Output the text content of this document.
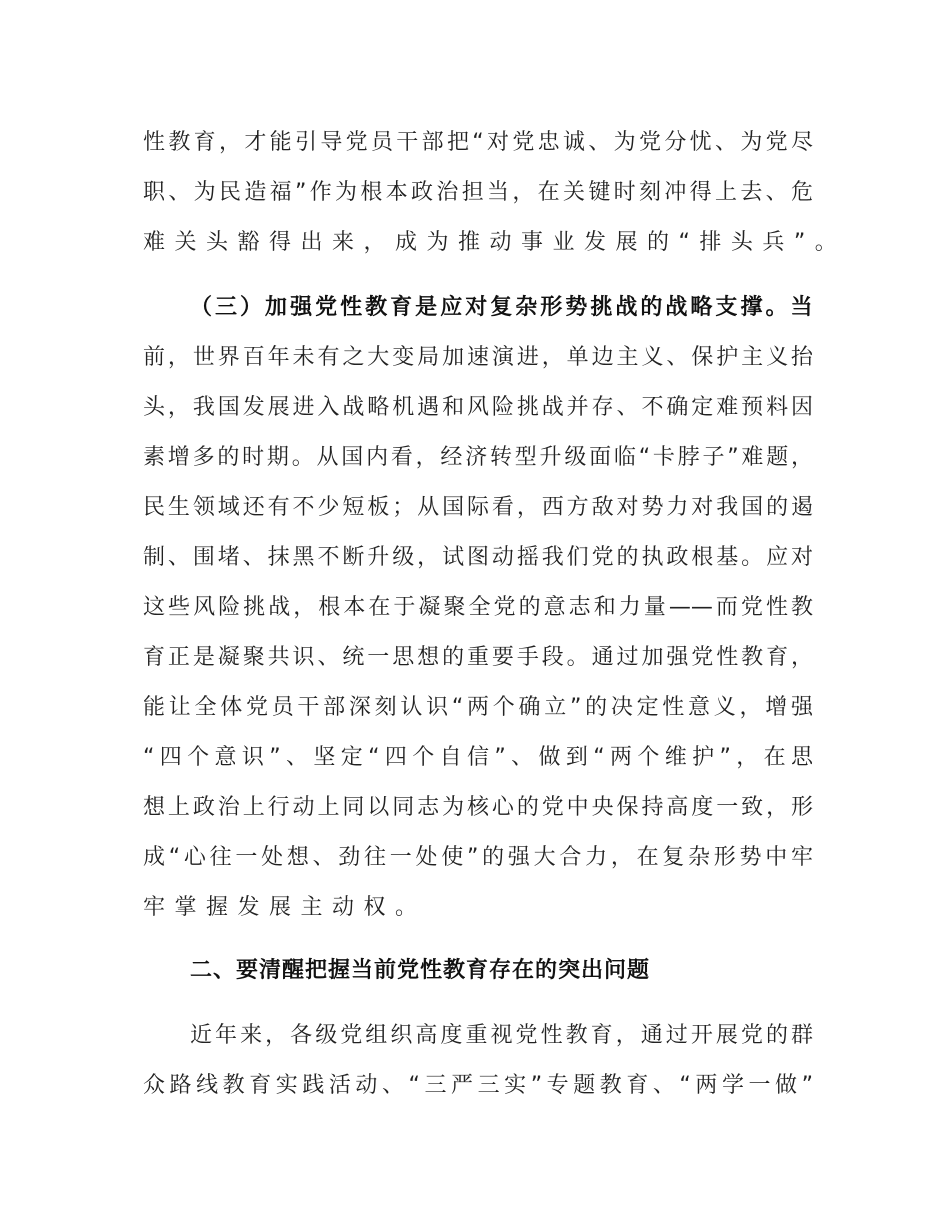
性教育，才能引导党员干部把“对党忠诚、为党分忧、为党尽
职、为民造福”作为根本政治担当，在关键时刻冲得上去、危
难关头豁得出来，成为推动事业发展的“排头兵”。
（三）加强党性教育是应对复杂形势挑战的战略支撑。当
前，世界百年未有之大变局加速演进，单边主义、保护主义抬
头，我国发展进入战略机遇和风险挑战并存、不确定难预料因
素增多的时期。从国内看，经济转型升级面临“卡脖子”难题，
民生领域还有不少短板；从国际看，西方敌对势力对我国的遏
制、围堵、抹黑不断升级，试图动摇我们党的执政根基。应对
这些风险挑战，根本在于凝聚全党的意志和力量——而党性教
育正是凝聚共识、统一思想的重要手段。通过加强党性教育，
能让全体党员干部深刻认识“两个确立”的决定性意义，增强
“四个意识”、坚定“四个自信”、做到“两个维护”，在思
想上政治上行动上同以同志为核心的党中央保持高度一致，形
成“心往一处想、劲往一处使”的强大合力，在复杂形势中牢
牢掌握发展主动权。
二、要清醒把握当前党性教育存在的突出问题
近年来，各级党组织高度重视党性教育，通过开展党的群
众路线教育实践活动、“三严三实”专题教育、“两学一做”
